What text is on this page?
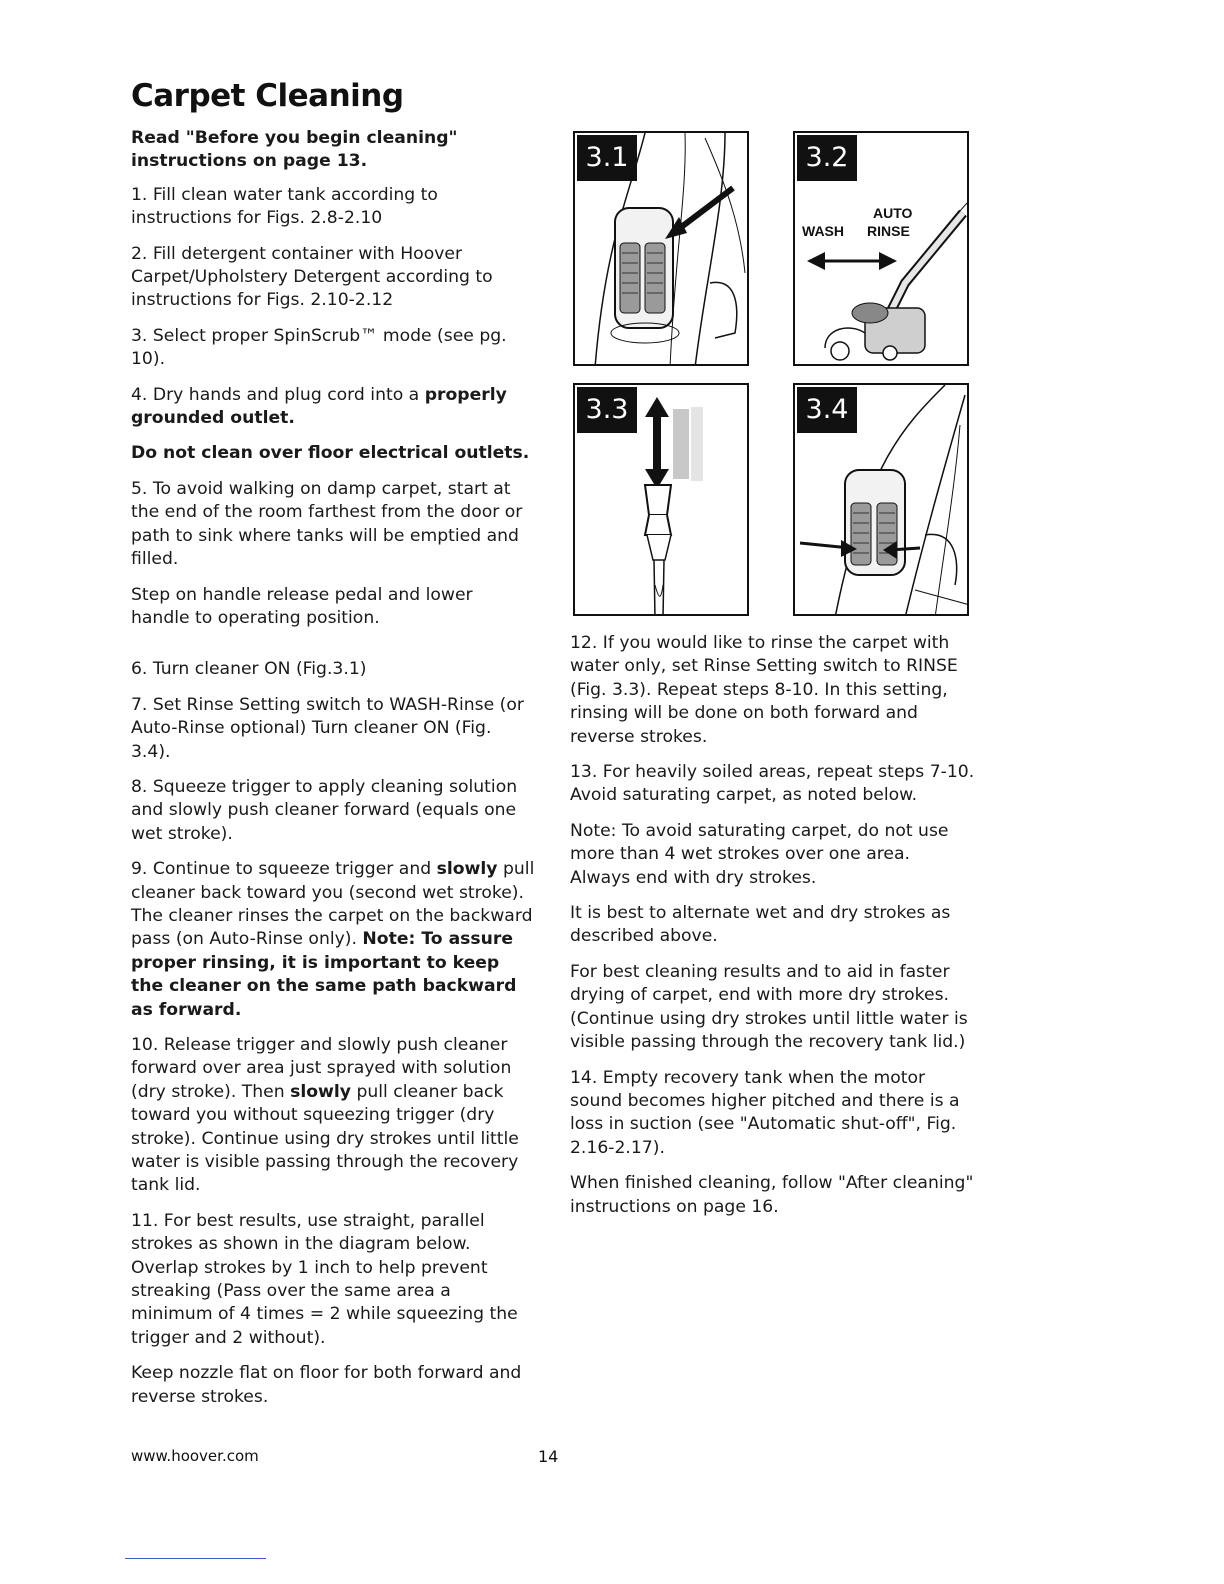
Carpet Cleaning

Read "Before you begin cleaning" instructions on page 13.

1. Fill clean water tank according to instructions for Figs. 2.8-2.10

2. Fill detergent container with Hoover Carpet/Upholstery Detergent according to instructions for Figs. 2.10-2.12

3. Select proper SpinScrub™ mode (see pg. 10).

4. Dry hands and plug cord into a properly grounded outlet.

Do not clean over floor electrical outlets.

5. To avoid walking on damp carpet, start at the end of the room farthest from the door or path to sink where tanks will be emptied and filled.

Step on handle release pedal and lower handle to operating position.

6. Turn cleaner ON (Fig.3.1)

7. Set Rinse Setting switch to WASH-Rinse (or Auto-Rinse optional) Turn cleaner ON (Fig. 3.4).

8. Squeeze trigger to apply cleaning solution and slowly push cleaner forward (equals one wet stroke).

9. Continue to squeeze trigger and slowly pull cleaner back toward you (second wet stroke). The cleaner rinses the carpet on the backward pass (on Auto-Rinse only). Note: To assure proper rinsing, it is important to keep the cleaner on the same path backward as forward.

10. Release trigger and slowly push cleaner forward over area just sprayed with solution (dry stroke). Then slowly pull cleaner back toward you without squeezing trigger (dry stroke). Continue using dry strokes until little water is visible passing through the recovery tank lid.

11. For best results, use straight, parallel strokes as shown in the diagram below. Overlap strokes by 1 inch to help prevent streaking (Pass over the same area a minimum of 4 times = 2 while squeezing the trigger and 2 without).

Keep nozzle flat on floor for both forward and reverse strokes.

3.1	3.2
AUTO
WASH RINSE
3.3	3.4

12. If you would like to rinse the carpet with water only, set Rinse Setting switch to RINSE (Fig. 3.3). Repeat steps 8-10. In this setting, rinsing will be done on both forward and reverse strokes.

13. For heavily soiled areas, repeat steps 7-10. Avoid saturating carpet, as noted below.

Note: To avoid saturating carpet, do not use more than 4 wet strokes over one area. Always end with dry strokes.

It is best to alternate wet and dry strokes as described above.

For best cleaning results and to aid in faster drying of carpet, end with more dry strokes. (Continue using dry strokes until little water is visible passing through the recovery tank lid.)

14. Empty recovery tank when the motor sound becomes higher pitched and there is a loss in suction (see "Automatic shut-off", Fig. 2.16-2.17).

When finished cleaning, follow "After cleaning" instructions on page 16.

www.hoover.com	14
